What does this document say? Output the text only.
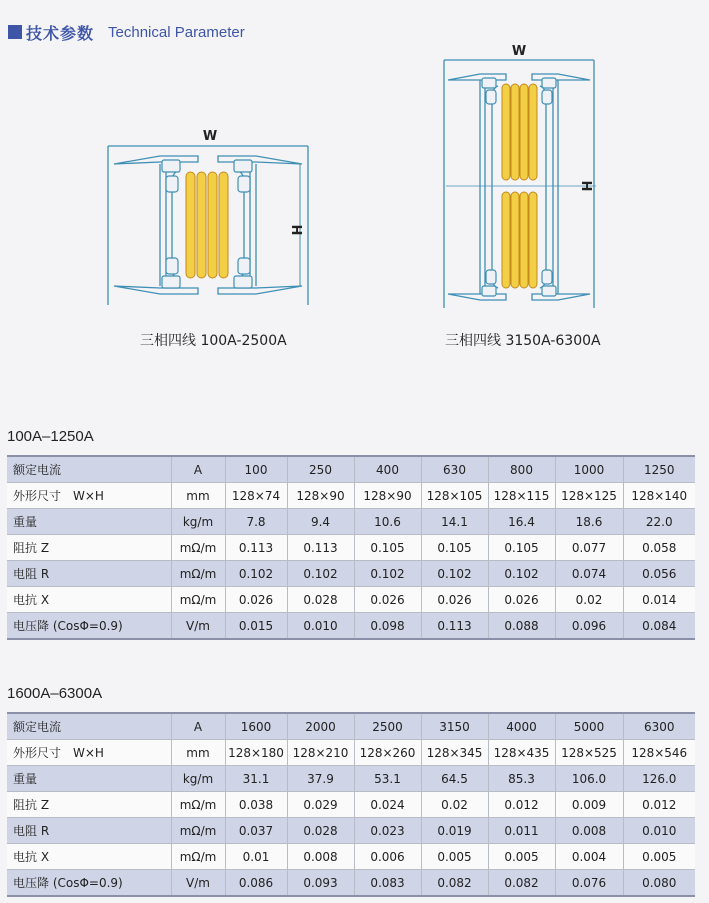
技术参数 Technical Parameter
W
H
三相四线 100A-2500A
W
H
三相四线 3150A-6300A
100A–1250A
额定电流	A	100	250	400	630	800	1000	1250
外形尺寸　W×H	mm	128×74	128×90	128×90	128×105	128×115	128×125	128×140
重量	kg/m	7.8	9.4	10.6	14.1	16.4	18.6	22.0
阻抗 Z	mΩ/m	0.113	0.113	0.105	0.105	0.105	0.077	0.058
电阻 R	mΩ/m	0.102	0.102	0.102	0.102	0.102	0.074	0.056
电抗 X	mΩ/m	0.026	0.028	0.026	0.026	0.026	0.02	0.014
电压降 (CosΦ=0.9)	V/m	0.015	0.010	0.098	0.113	0.088	0.096	0.084
1600A–6300A
额定电流	A	1600	2000	2500	3150	4000	5000	6300
外形尺寸　W×H	mm	128×180	128×210	128×260	128×345	128×435	128×525	128×546
重量	kg/m	31.1	37.9	53.1	64.5	85.3	106.0	126.0
阻抗 Z	mΩ/m	0.038	0.029	0.024	0.02	0.012	0.009	0.012
电阻 R	mΩ/m	0.037	0.028	0.023	0.019	0.011	0.008	0.010
电抗 X	mΩ/m	0.01	0.008	0.006	0.005	0.005	0.004	0.005
电压降 (CosΦ=0.9)	V/m	0.086	0.093	0.083	0.082	0.082	0.076	0.080
